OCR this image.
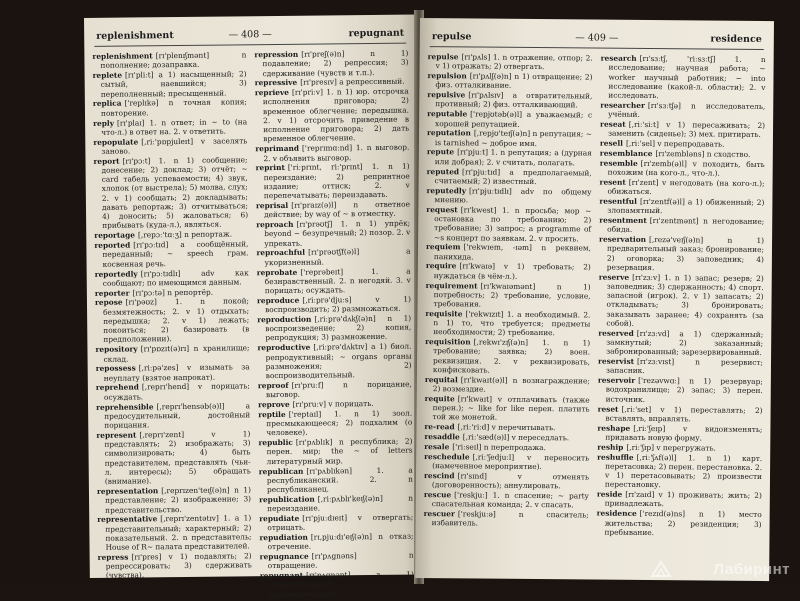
replenishment	— 408 —	repugnant
replenishment [rɪ'plenɪʃmənt] n пополнение; дозаправка.
replete [rɪ'pliːt] a 1) насыщенный; 2) сытый, наевшийся; 3) переполненный; пресыщенный.
replica ['replɪkə] n точная копия; повторение.
reply [rɪ'plaɪ] 1. n ответ; in ~ to (на что-л.) в ответ на. 2. v ответить.
repopulate [,riː'pɒpjuleɪt] v заселять заново.
report [rɪ'pɔːt] 1. n 1) сообщение; донесение; 2) доклад; 3) отчёт; ~ card табель успеваемости; 4) звук, хлопок (от выстрела); 5) молва, слух; 2. v 1) сообщать; 2) докладывать; давать репортаж; 3) отчитываться; 4) доносить; 5) жаловаться; 6) прибывать (куда-л.), являться.
reportage [,repɔː'tɑːʒ] n репортаж.
reported [rɪ'pɔːtɪd] a сообщённый, переданный; ~ speech грам. косвенная речь.
reportedly [rɪ'pɔːtɪdlɪ] adv как сообщают; по имеющимся данным.
reporter [rɪ'pɔːtə] n репортёр.
repose [rɪ'pəʊz] 1. n покой; безмятежность; 2. v 1) отдыхать; передышка; 2. v 1) лежать; покоиться; 2) базировать (в предположении).
repository [rɪ'pɒzɪt(ə)rɪ] n хранилище; склад.
repossess [,riːpə'zes] v изымать за неуплату (взятое напрокат).
reprehend [,reprɪ'hend] v порицать; осуждать.
reprehensible [,reprɪ'hensəb(ə)l] a предосудительный, достойный порицания.
represent [,reprɪ'zent] v 1) представлять; 2) изображать; 3) символизировать; 4) быть представителем, представлять (чьи-л. интересы); 5) обращать (внимание).
representation [,reprɪzen'teɪʃ(ə)n] n 1) представление; 2) изображение; 3) представительство.
representative [,reprɪ'zentətɪv] 1. a 1) представительный; характерный; 2) показательный. 2. n представитель; House of R~ палата представителей.
repress [rɪ'pres] v 1) подавлять; 2) репрессировать; 3) сдерживать (чувства).
repression [rɪ'preʃ(ə)n] n 1) подавление; 2) репрессия; 3) сдерживание (чувств и т.п.).
repressive [rɪ'presɪv] a репрессивный.
reprieve [rɪ'priːv] 1. n 1) юр. отсрочка исполнения приговора; 2) временное облегчение; передышка. 2. v 1) отсрочить приведение в исполнение приговора; 2) дать временное облегчение.
reprimand ['reprɪmɑːnd] 1. n выговор. 2. v объявить выговор.
reprint ['riːprɪnt, riː'prɪnt] 1. n 1) переиздание; 2) репринтное издание; оттиск; 2. v перепечатывать; переиздавать.
reprisal [rɪ'praɪz(ə)l] n ответное действие; by way of ~ в отместку.
reproach [rɪ'prəʊtʃ] 1. n 1) упрёк; beyond ~ безупречный; 2) позор. 2. v упрекать.
reproachful [rɪ'prəʊtʃf(ə)l] a укоризненный.
reprobate ['reprəbeɪt] 1. a безнравственный. 2. n негодяй. 3. v порицать; осуждать.
reproduce [,riːprə'djuːs] v 1) воспроизводить; 2) размножаться.
reproduction [,riːprə'dʌkʃ(ə)n] n 1) воспроизведение; 2) копия, репродукция; 3) размножение.
reproductive [,riːprə'dʌktɪv] a 1) биол. репродуктивный; ~ organs органы размножения; 2) воспроизводительный.
reproof [rɪ'pruːf] n порицание, выговор.
reprove [rɪ'pruːv] v порицать.
reptile ['reptaɪl] 1. n 1) зоол. пресмыкающееся; 2) подхалим (о человеке).
republic [rɪ'pʌblɪk] n республика; 2) перен. мир; the ~ of letters литературный мир.
republican [rɪ'pʌblɪkən] 1. a республиканский. 2. n республиканец.
republication [,riːpʌblɪ'keɪʃ(ə)n] n переиздание.
repudiate [rɪ'pjuːdɪeɪt] v отвергать; отрицать.
repudiation [rɪ,pjuːdɪ'eɪʃ(ə)n] n отказ; отречение.
repugnance [rɪ'pʌgnəns] n отвращение.
repugnant [rɪ'pʌgnənt] a 1) отвратительный; 2) противоречащий.
repulse	— 409 —	residence
repulse [rɪ'pʌls] 1. n отражение, отпор; 2. v 1) отражать; 2) отвергать.
repulsion [rɪ'pʌlʃ(ə)n] n 1) отвращение; 2) физ. отталкивание.
repulsive [rɪ'pʌlsɪv] a отвратительный, противный; 2) физ. отталкивающий.
reputable ['repjʊtəb(ə)l] a уважаемый; с хорошей репутацией.
reputation [,repjʊ'teɪʃ(ə)n] n репутация; ~ is tarnished ~ доброе имя.
repute [rɪ'pjuːt] 1. n репутация; a (дурная или добрая); 2. v считать, полагать.
reputed [rɪ'pjuːtɪd] a предполагаемый, считаемый; 2) известный.
reputedly [rɪ'pjuːtɪdlɪ] adv по общему мнению.
request [rɪ'kwest] 1. n просьба; мор ~ остановка по требованию; 2) требование; 3) запрос; a programme of ~s концерт по заявкам. 2. v просить.
requiem ['rekwɪem, -ɪəm] n реквием, панихида.
require [rɪ'kwaɪə] v 1) требовать; 2) нуждаться (в чём-л.).
requirement [rɪ'kwaɪəmənt] n 1) потребность; 2) требование, условие, требования.
requisite ['rekwɪzɪt] 1. a необходимый. 2. n 1) то, что требуется; предметы необходимости; 2) требование.
requisition [,rekwɪ'zɪʃ(ə)n] 1. n 1) требование; заявка; 2) воен. реквизиция. 2. v реквизировать, конфисковать.
requital [rɪ'kwaɪt(ə)l] n вознаграждение; 2) возмездие.
requite [rɪ'kwaɪt] v отплачивать (также перен.); ~ like for like перен. платить той же монетой.
re-read [,riː'riːd] v перечитывать.
resaddle [,riː'sæd(ə)l] v переседлать.
resale ['riːseɪl] n перепродажа.
reschedule [,riː'ʃedjuːl] v переносить (намеченное мероприятие).
rescind [rɪ'sɪnd] v отменять (договоренность); аннулировать.
rescue ['reskjuː] 1. n спасение; ~ party спасательная команда; 2. v спасать.
rescuer ['reskjuːə] n спаситель; избавитель.
research [rɪ'sɜːtʃ, 'riːsɜːtʃ] 1. n исследование; научная работа; ~ worker научный работник; ~ into исследование (какой-л. области); 2. v исследовать.
researcher [rɪ'sɜːtʃə] n исследователь, учёный.
reseat [,riː'siːt] v 1) пересаживать; 2) заменить (сиденье); 3) мех. притирать.
resell [,riː'sel] v перепродавать.
resemblance [rɪ'zembləns] n сходство.
resemble [rɪ'zemb(ə)l] v походить, быть похожим (на кого-л., что-л.).
resent [rɪ'zent] v негодовать (на кого-л.); обижаться.
resentful [rɪ'zentf(ə)l] a 1) обиженный; 2) злопамятный.
resentment [rɪ'zentmənt] n негодование; обида.
reservation [,rezə'veɪʃ(ə)n] n 1) предварительный заказ; бронирование; 2) оговорка; 3) заповедник; 4) резервация.
reserve [rɪ'zɜːv] 1. n 1) запас; резерв; 2) заповедник; 3) сдержанность; 4) спорт. запасной (игрок). 2. v 1) запасать; 2) откладывать; 3) бронировать; заказывать заранее; 4) сохранять (за собой).
reserved [rɪ'zɜːvd] a 1) сдержанный; замкнутый; 2) заказанный; забронированный; зарезервированный.
reservist [rɪ'zɜːvɪst] n резервист; запасник.
reservoir ['rezəvwɑː] n 1) резервуар; водохранилище; 2) запас; 3) перен. источник.
reset [,riː'set] v 1) переставлять; 2) вставлять, вправлять.
reshape [,riː'ʃeɪp] v видоизменять; придавать новую форму.
reship [,riː'ʃɪp] v перегружать.
reshuffle [,riː'ʃʌf(ə)l] 1. n 1) карт. перетасовка; 2) перен. перестановка. 2. v 1) перетасовывать; 2) произвести перестановку.
reside [rɪ'zaɪd] v 1) проживать; жить; 2) принадлежать.
residence ['rezɪd(ə)ns] n 1) место жительства; 2) резиденция; 3) пребывание.
Лабиринт
